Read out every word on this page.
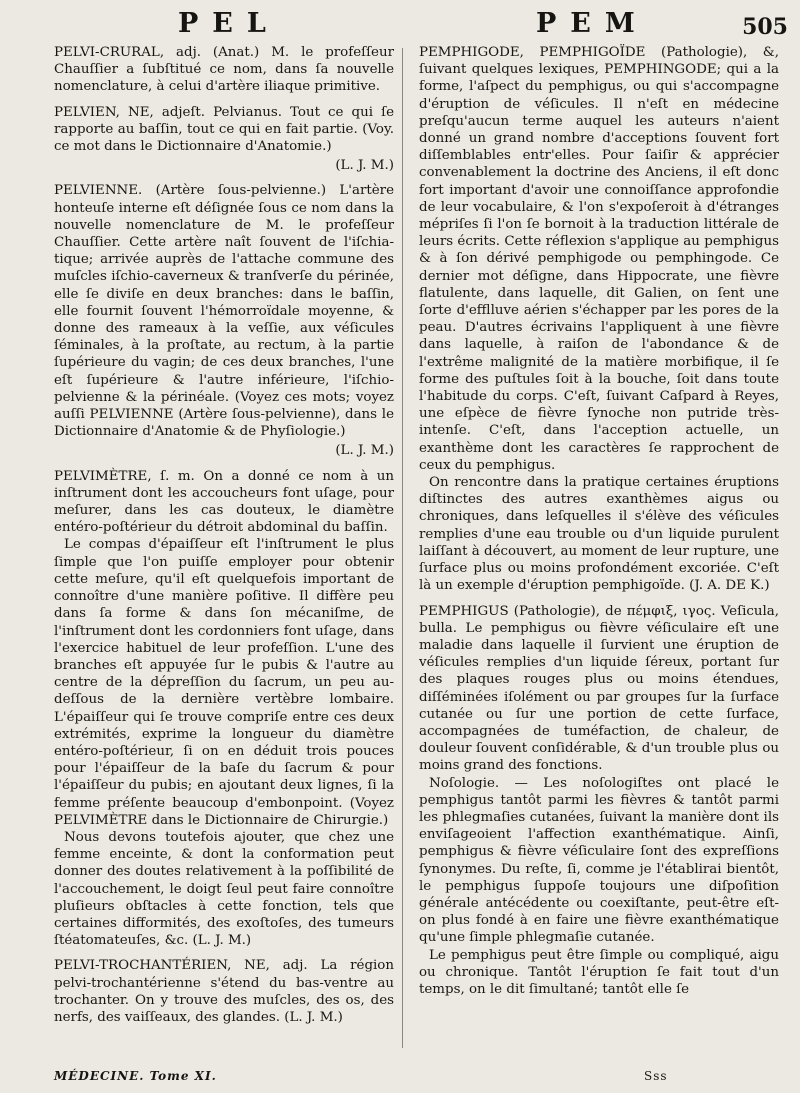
PEL	PEM	505

PELVI-CRURAL, adj. (Anat.) M. le profeſſeur Chauſſier a ſubſtitué ce nom, dans ſa nouvelle nomenclature, à celui d'artère iliaque primitive.

PELVIEN, NE, adjeſt. Pelvianus. Tout ce qui ſe rapporte au baſſin, tout ce qui en fait partie. (Voy. ce mot dans le Dictionnaire d'Anatomie.)

(L. J. M.)

PELVIENNE. (Artère ſous-pelvienne.) L'artère honteuſe interne eſt déſignée ſous ce nom dans la nouvelle nomenclature de M. le profeſſeur Chauſſier. Cette artère naît ſouvent de l'iſchia-tique; arrivée auprès de l'attache commune des muſcles iſchio-caverneux & tranſverſe du périnée, elle ſe diviſe en deux branches: dans le baſſin, elle fournit ſouvent l'hémorroïdale moyenne, & donne des rameaux à la veſſie, aux véſicules ſéminales, à la proſtate, au rectum, à la partie ſupérieure du vagin; de ces deux branches, l'une eſt ſupérieure & l'autre inférieure, l'iſchio-pelvienne & la périnéale. (Voyez ces mots; voyez auſſi PELVIENNE (Artère ſous-pelvienne), dans le Dictionnaire d'Anatomie & de Phyſiologie.)

(L. J. M.)

PELVIMÈTRE, ſ. m. On a donné ce nom à un inſtrument dont les accoucheurs font uſage, pour meſurer, dans les cas douteux, le diamètre entéro-poſtérieur du détroit abdominal du baſſin.

Le compas d'épaiſſeur eſt l'inſtrument le plus ſimple que l'on puiſſe employer pour obtenir cette meſure, qu'il eſt quelquefois important de connoître d'une manière poſitive. Il diffère peu dans ſa forme & dans ſon mécaniſme, de l'inſtrument dont les cordonniers font uſage, dans l'exercice habituel de leur profeſſion. L'une des branches eſt appuyée ſur le pubis & l'autre au centre de la dépreſſion du ſacrum, un peu au-deſſous de la dernière vertèbre lombaire. L'épaiſſeur qui ſe trouve compriſe entre ces deux extrémités, exprime la longueur du diamètre entéro-poſtérieur, ſi on en déduit trois pouces pour l'épaiſſeur de la baſe du ſacrum & pour l'épaiſſeur du pubis; en ajoutant deux lignes, ſi la femme préſente beaucoup d'embonpoint. (Voyez PELVIMÈTRE dans le Dictionnaire de Chirurgie.)

Nous devons toutefois ajouter, que chez une femme enceinte, & dont la conformation peut donner des doutes relativement à la poſſibilité de l'accouchement, le doigt ſeul peut faire connoître pluſieurs obſtacles à cette fonction, tels que certaines difformités, des exoſtoſes, des tumeurs ſtéatomateuſes, &c. (L. J. M.)

PELVI-TROCHANTÉRIEN, NE, adj. La région pelvi-trochantérienne s'étend du bas-ventre au trochanter. On y trouve des muſcles, des os, des nerfs, des vaiſſeaux, des glandes. (L. J. M.)

PEMPHIGODE, PEMPHIGOÏDE (Pathologie), &, ſuivant quelques lexiques, PEMPHINGODE; qui a la forme, l'aſpect du pemphigus, ou qui s'accompagne d'éruption de véſicules. Il n'eſt en médecine preſqu'aucun terme auquel les auteurs n'aient donné un grand nombre d'acceptions ſouvent fort diſſemblables entr'elles. Pour ſaiſir & apprécier convenablement la doctrine des Anciens, il eſt donc fort important d'avoir une connoiſſance approfondie de leur vocabulaire, & l'on s'expoſeroit à d'étranges mépriſes ſi l'on ſe bornoit à la traduction littérale de leurs écrits. Cette réflexion s'applique au pemphigus & à ſon dérivé pemphigode ou pemphingode. Ce dernier mot déſigne, dans Hippocrate, une fièvre flatulente, dans laquelle, dit Galien, on ſent une ſorte d'efflluve aérien s'échapper par les pores de la peau. D'autres écrivains l'appliquent à une fièvre dans laquelle, à raiſon de l'abondance & de l'extrême malignité de la matière morbifique, il ſe forme des puſtules ſoit à la bouche, ſoit dans toute l'habitude du corps. C'eſt, ſuivant Caſpard à Reyes, une eſpèce de fièvre ſynoche non putride très-intenſe. C'eſt, dans l'acception actuelle, un exanthème dont les caractères ſe rapprochent de ceux du pemphigus.

On rencontre dans la pratique certaines éruptions diſtinctes des autres exanthèmes aigus ou chroniques, dans leſquelles il s'élève des véſicules remplies d'une eau trouble ou d'un liquide purulent laiſſant à découvert, au moment de leur rupture, une ſurface plus ou moins profondément excoriée. C'eſt là un exemple d'éruption pemphigoïde. (J. A. DE K.)

PEMPHIGUS (Pathologie), de πέμφιξ, ιγος. Veſicula, bulla. Le pemphigus ou fièvre véſiculaire eſt une maladie dans laquelle il ſurvient une éruption de véſicules remplies d'un liquide ſéreux, portant ſur des plaques rouges plus ou moins étendues, diſſéminées iſolément ou par groupes ſur la ſurface cutanée ou ſur une portion de cette ſurface, accompagnées de tuméfaction, de chaleur, de douleur ſouvent conſidérable, & d'un trouble plus ou moins grand des fonctions.

Noſologie. — Les noſologiſtes ont placé le pemphigus tantôt parmi les fièvres & tantôt parmi les phlegmaſies cutanées, ſuivant la manière dont ils enviſageoient l'affection exanthématique. Ainſi, pemphigus & fièvre véſiculaire ſont des expreſſions ſynonymes. Du reſte, ſi, comme je l'établirai bientôt, le pemphigus ſuppoſe toujours une diſpoſition générale antécédente ou coexiſtante, peut-être eſt-on plus fondé à en faire une fièvre exanthématique qu'une ſimple phlegmaſie cutanée.

Le pemphigus peut être ſimple ou compliqué, aigu ou chronique. Tantôt l'éruption ſe fait tout d'un temps, on le dit ſimultané; tantôt elle ſe

MÉDECINE. Tome XI.	Sss
